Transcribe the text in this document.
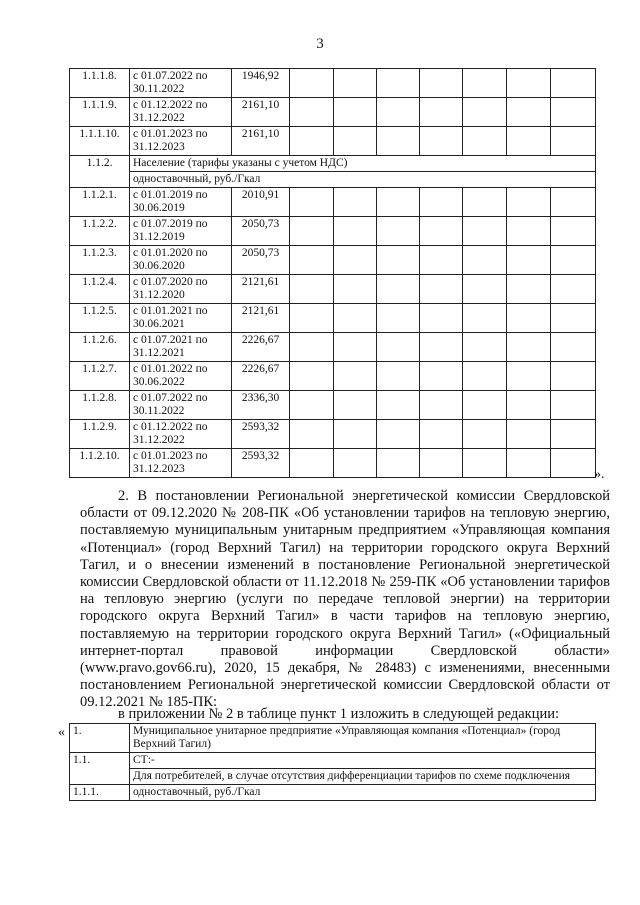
3
1.1.1.8.	с 01.07.2022 по 30.11.2022	1946,92							
1.1.1.9.	с 01.12.2022 по 31.12.2022	2161,10							
1.1.1.10.	с 01.01.2023 по 31.12.2023	2161,10							
1.1.2.	Население (тарифы указаны с учетом НДС)								
	одноставочный, руб./Гкал								
1.1.2.1.	с 01.01.2019 по 30.06.2019	2010,91							
1.1.2.2.	с 01.07.2019 по 31.12.2019	2050,73							
1.1.2.3.	с 01.01.2020 по 30.06.2020	2050,73							
1.1.2.4.	с 01.07.2020 по 31.12.2020	2121,61							
1.1.2.5.	с 01.01.2021 по 30.06.2021	2121,61							
1.1.2.6.	с 01.07.2021 по 31.12.2021	2226,67							
1.1.2.7.	с 01.01.2022 по 30.06.2022	2226,67							
1.1.2.8.	с 01.07.2022 по 30.11.2022	2336,30							
1.1.2.9.	с 01.12.2022 по 31.12.2022	2593,32							
1.1.2.10.	с 01.01.2023 по 31.12.2023	2593,32							
».
2. В постановлении Региональной энергетической комиссии Свердловской области от 09.12.2020 № 208-ПК «Об установлении тарифов на тепловую энергию, поставляемую муниципальным унитарным предприятием «Управляющая компания «Потенциал» (город Верхний Тагил) на территории городского округа Верхний Тагил, и о внесении изменений в постановление Региональной энергетической комиссии Свердловской области от 11.12.2018 № 259-ПК «Об установлении тарифов на тепловую энергию (услуги по передаче тепловой энергии) на территории городского округа Верхний Тагил» в части тарифов на тепловую энергию, поставляемую на территории городского округа Верхний Тагил» («Официальный интернет-портал правовой информации Свердловской области» (www.pravo.gov66.ru), 2020, 15 декабря, № 28483) с изменениями, внесенными постановлением Региональной энергетической комиссии Свердловской области от 09.12.2021 № 185-ПК:
в приложении № 2 в таблице пункт 1 изложить в следующей редакции:
« 1.	Муниципальное унитарное предприятие «Управляющая компания «Потенциал» (город Верхний Тагил)
1.1.	СТ:-
	Для потребителей, в случае отсутствия дифференциации тарифов по схеме подключения
1.1.1.	одноставочный, руб./Гкал
